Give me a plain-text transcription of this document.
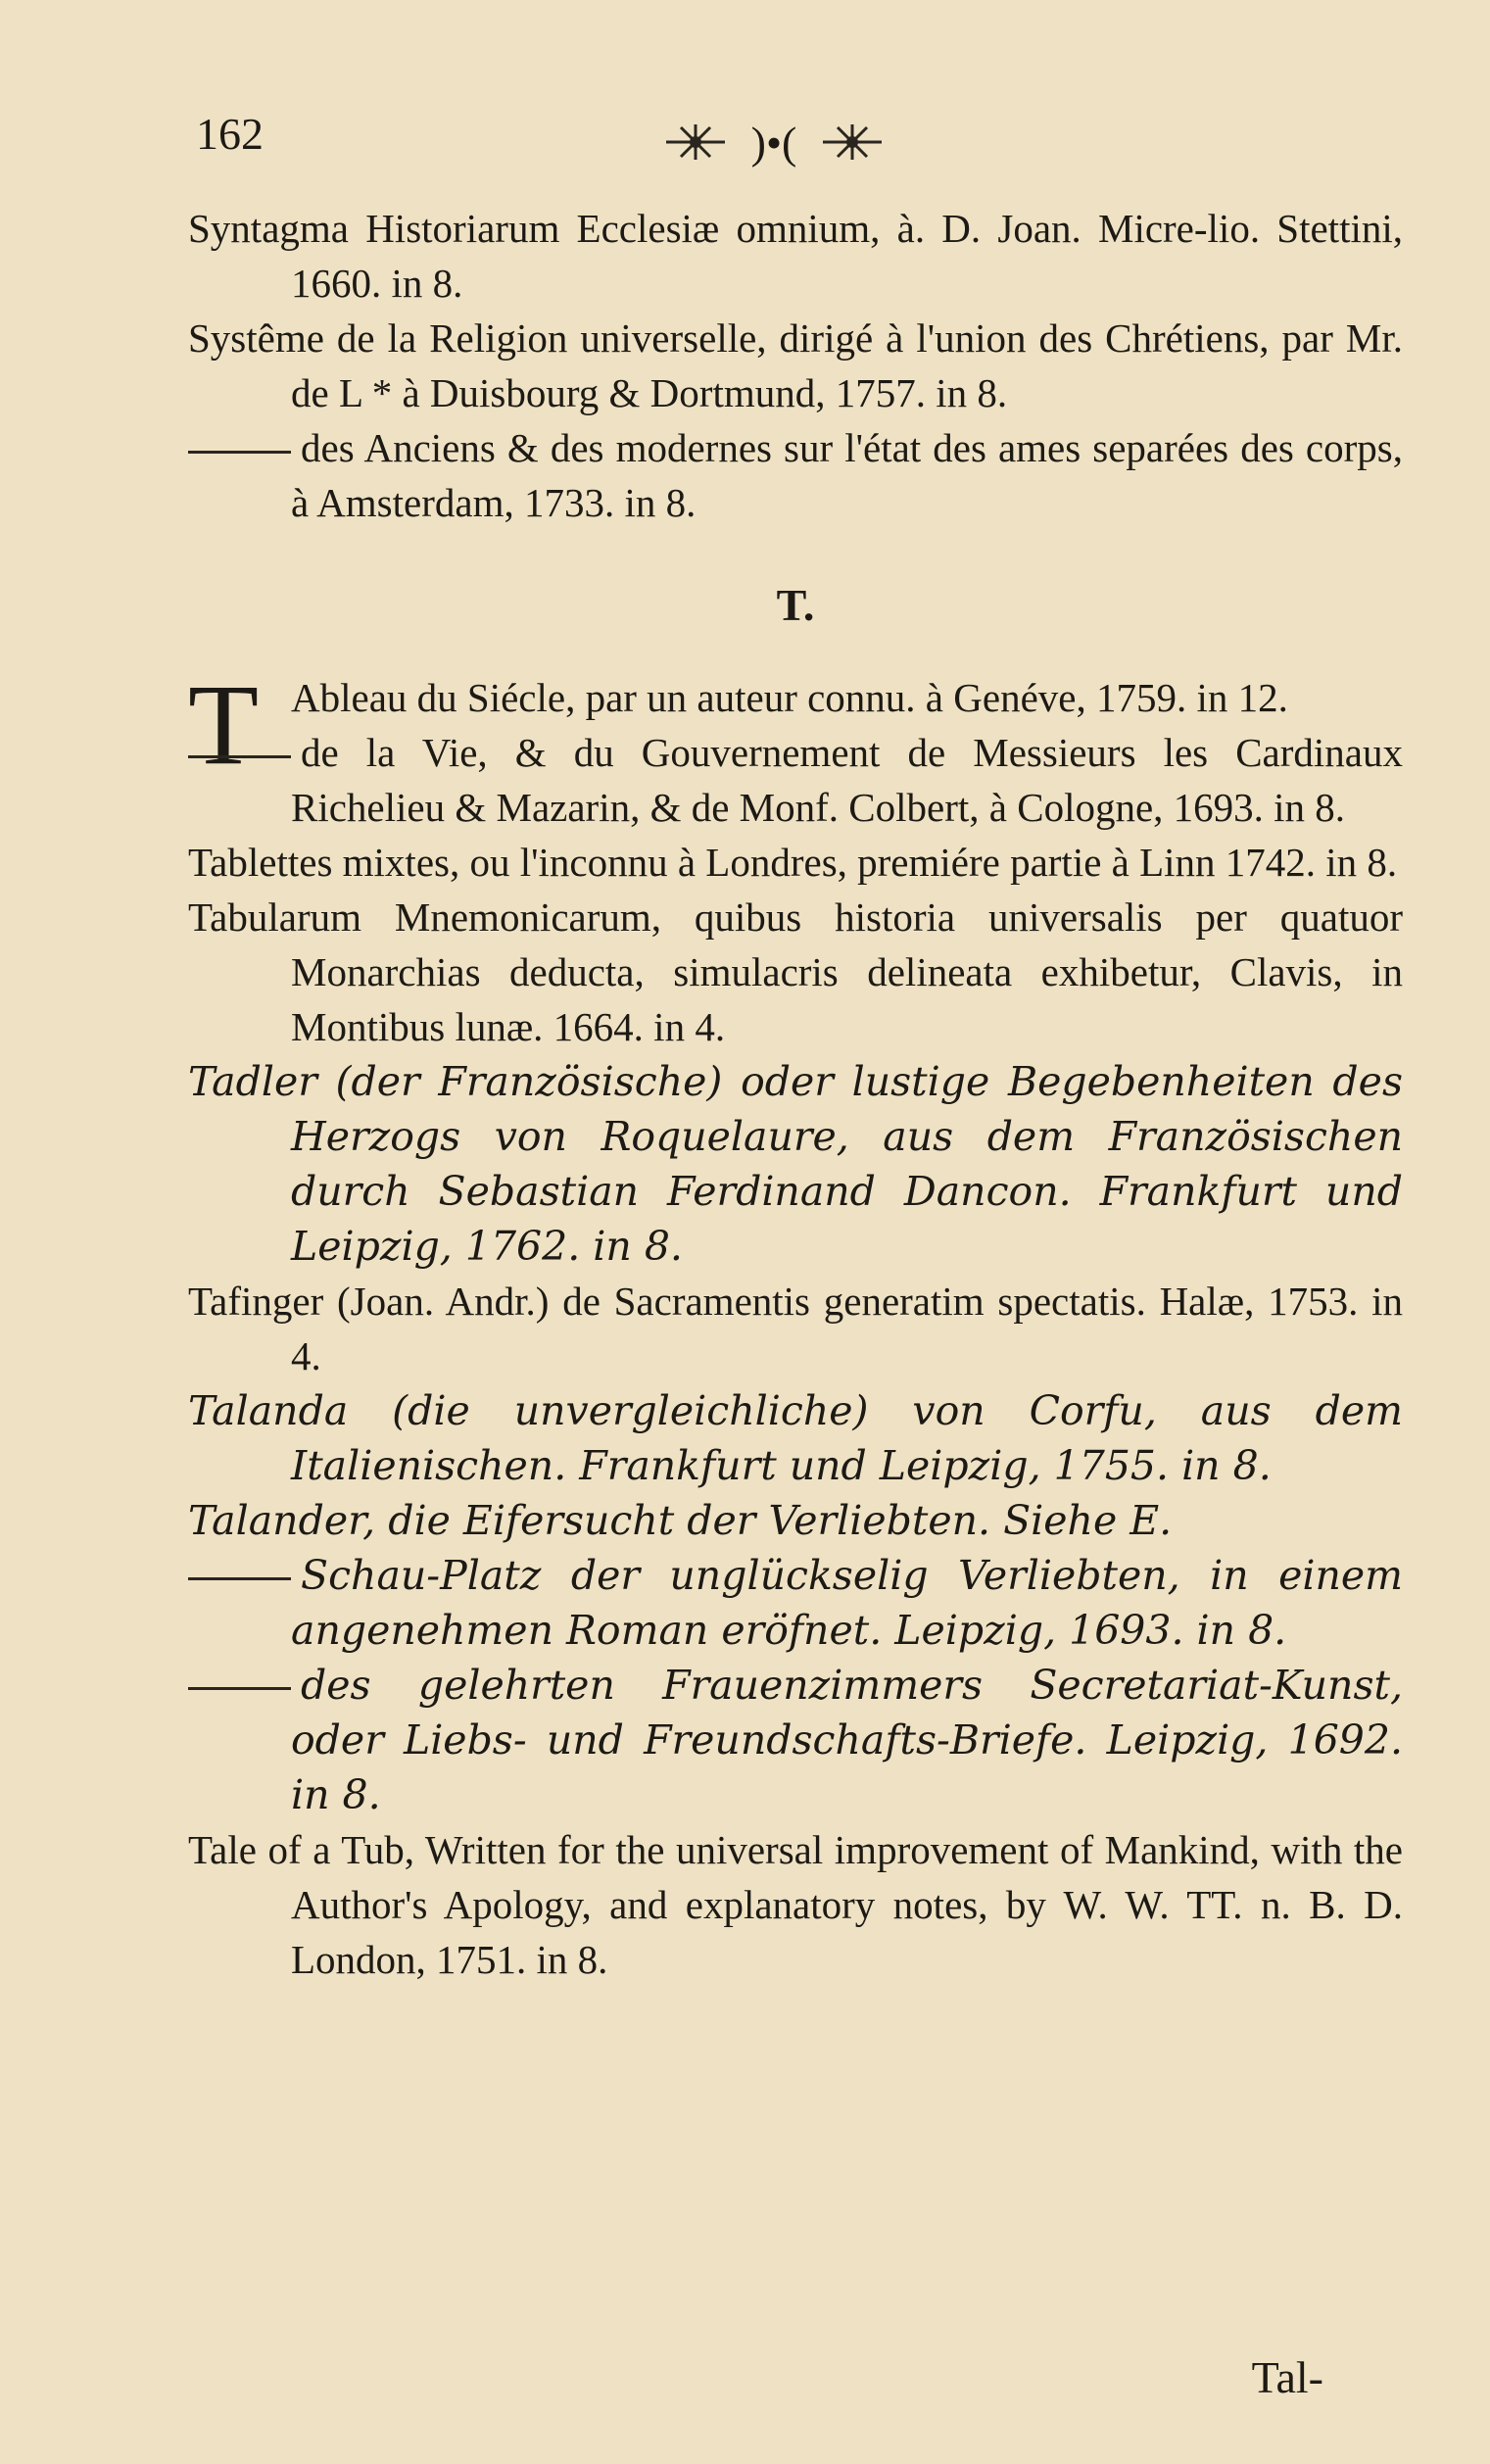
162	)•(

Syntagma Historiarum Ecclesiæ omnium, à. D. Joan. Micre-lio. Stettini, 1660. in 8.

Systême de la Religion universelle, dirigé à l'union des Chrétiens, par Mr. de L * à Duisbourg & Dortmund, 1757. in 8.

des Anciens & des modernes sur l'état des ames separées des corps, à Amsterdam, 1733. in 8.

T.
T Ableau du Siécle, par un auteur connu. à Genéve, 1759. in 12.

de la Vie, & du Gouvernement de Messieurs les Cardinaux Richelieu & Mazarin, & de Monf. Colbert, à Cologne, 1693. in 8.

Tablettes mixtes, ou l'inconnu à Londres, premiére partie à Linn 1742. in 8.

Tabularum Mnemonicarum, quibus historia universalis per quatuor Monarchias deducta, simulacris delineata exhibetur, Clavis, in Montibus lunæ. 1664. in 4.

Tadler (der Französische) oder lustige Begebenheiten des Herzogs von Roquelaure, aus dem Französischen durch Sebastian Ferdinand Dancon. Frankfurt und Leipzig, 1762. in 8.

Tafinger (Joan. Andr.) de Sacramentis generatim spectatis. Halæ, 1753. in 4.

Talanda (die unvergleichliche) von Corfu, aus dem Italienischen. Frankfurt und Leipzig, 1755. in 8.

Talander, die Eifersucht der Verliebten. Siehe E.

Schau-Platz der unglückselig Verliebten, in einem angenehmen Roman eröfnet. Leipzig, 1693. in 8.

des gelehrten Frauenzimmers Secretariat-Kunst, oder Liebs- und Freundschafts-Briefe. Leipzig, 1692. in 8.

Tale of a Tub, Written for the universal improvement of Mankind, with the Author's Apology, and explanatory notes, by W. W. TT. n. B. D. London, 1751. in 8.

Tal-
